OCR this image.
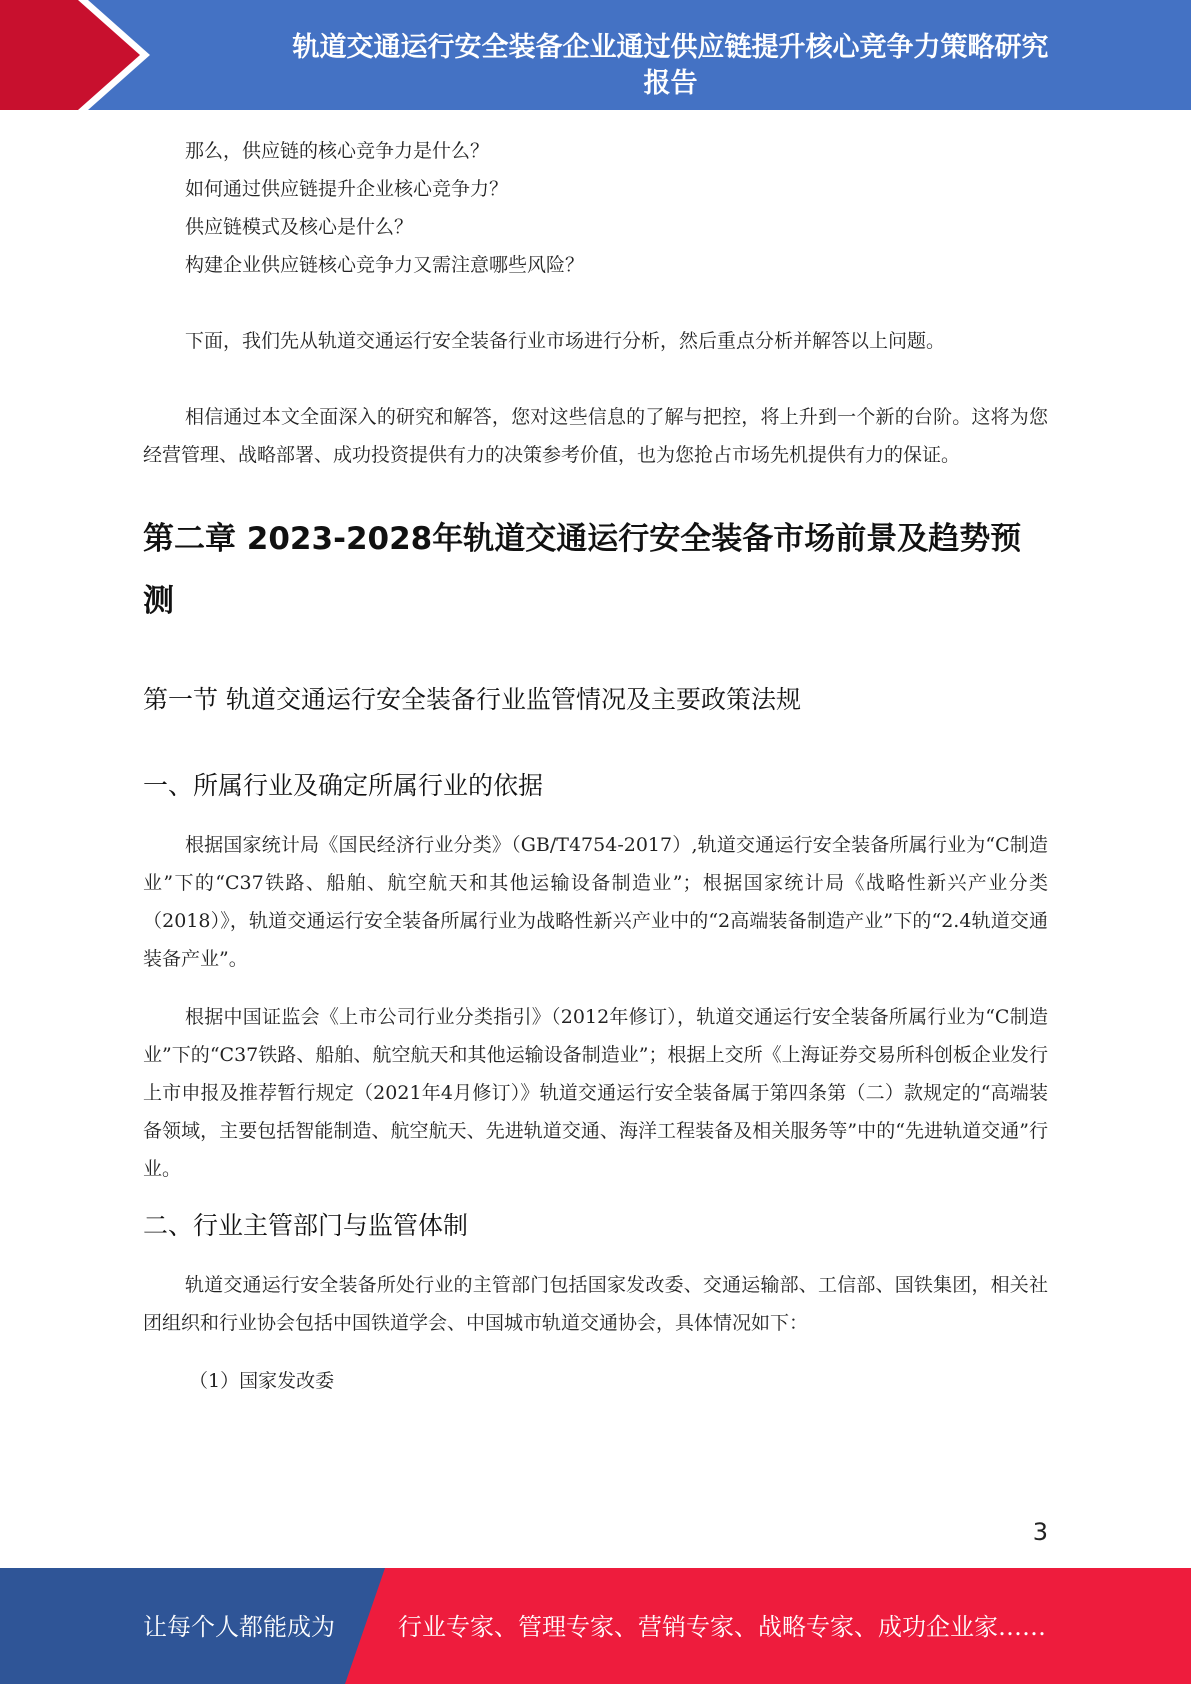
轨道交通运行安全装备企业通过供应链提升核心竞争力策略研究
报告

那么，供应链的核心竞争力是什么？

如何通过供应链提升企业核心竞争力？

供应链模式及核心是什么？

构建企业供应链核心竞争力又需注意哪些风险？

下面，我们先从轨道交通运行安全装备行业市场进行分析，然后重点分析并解答以上问题。

相信通过本文全面深入的研究和解答，您对这些信息的了解与把控，将上升到一个新的台阶。这将为您经营管理、战略部署、成功投资提供有力的决策参考价值，也为您抢占市场先机提供有力的保证。

第二章 2023-2028年轨道交通运行安全装备市场前景及趋势预测

第一节 轨道交通运行安全装备行业监管情况及主要政策法规

一、所属行业及确定所属行业的依据

根据国家统计局《国民经济行业分类》（GB/T4754-2017）,轨道交通运行安全装备所属行业为“C制造业”下的“C37铁路、船舶、航空航天和其他运输设备制造业”；根据国家统计局《战略性新兴产业分类（2018）》，轨道交通运行安全装备所属行业为战略性新兴产业中的“2高端装备制造产业”下的“2.4轨道交通装备产业”。

根据中国证监会《上市公司行业分类指引》（2012年修订），轨道交通运行安全装备所属行业为“C制造业”下的“C37铁路、船舶、航空航天和其他运输设备制造业”；根据上交所《上海证券交易所科创板企业发行上市申报及推荐暂行规定（2021年4月修订）》轨道交通运行安全装备属于第四条第（二）款规定的“高端装备领域，主要包括智能制造、航空航天、先进轨道交通、海洋工程装备及相关服务等”中的“先进轨道交通”行业。

二、行业主管部门与监管体制

轨道交通运行安全装备所处行业的主管部门包括国家发改委、交通运输部、工信部、国铁集团，相关社团组织和行业协会包括中国铁道学会、中国城市轨道交通协会，具体情况如下：

（1）国家发改委

3
让每个人都能成为	行业专家、管理专家、营销专家、战略专家、成功企业家……
